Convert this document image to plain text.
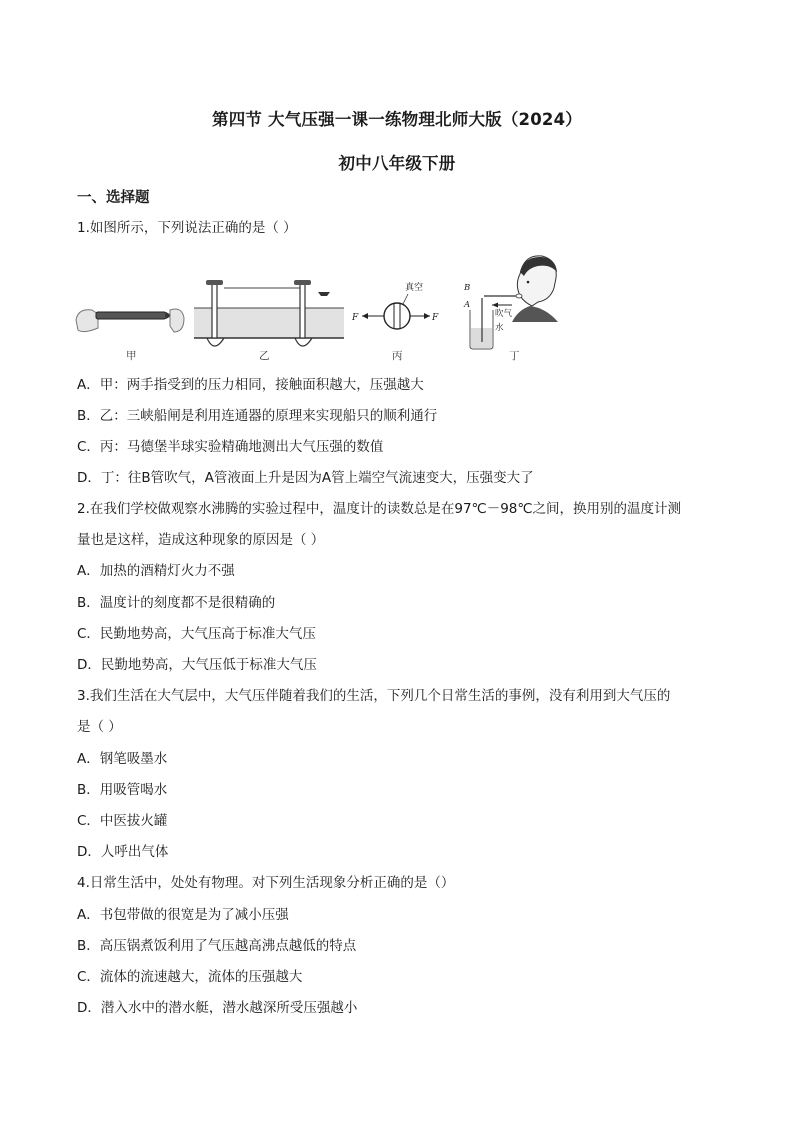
第四节 大气压强一课一练物理北师大版（2024）
初中八年级下册
一、选择题
1.如图所示，下列说法正确的是（ ）
真空
F	F
B
A
吹气
水
甲	乙	丙	丁
A．甲：两手指受到的压力相同，接触面积越大，压强越大
B．乙：三峡船闸是利用连通器的原理来实现船只的顺利通行
C．丙：马德堡半球实验精确地测出大气压强的数值
D．丁：往B管吹气，A管液面上升是因为A管上端空气流速变大，压强变大了
2.在我们学校做观察水沸腾的实验过程中，温度计的读数总是在97℃－98℃之间，换用别的温度计测
量也是这样，造成这种现象的原因是（ ）
A．加热的酒精灯火力不强
B．温度计的刻度都不是很精确的
C．民勤地势高，大气压高于标准大气压
D．民勤地势高，大气压低于标准大气压
3.我们生活在大气层中，大气压伴随着我们的生活，下列几个日常生活的事例，没有利用到大气压的
是（ ）
A．钢笔吸墨水
B．用吸管喝水
C．中医拔火罐
D．人呼出气体
4.日常生活中，处处有物理。对下列生活现象分析正确的是（）
A．书包带做的很宽是为了减小压强
B．高压锅煮饭利用了气压越高沸点越低的特点
C．流体的流速越大，流体的压强越大
D．潜入水中的潜水艇，潜水越深所受压强越小
